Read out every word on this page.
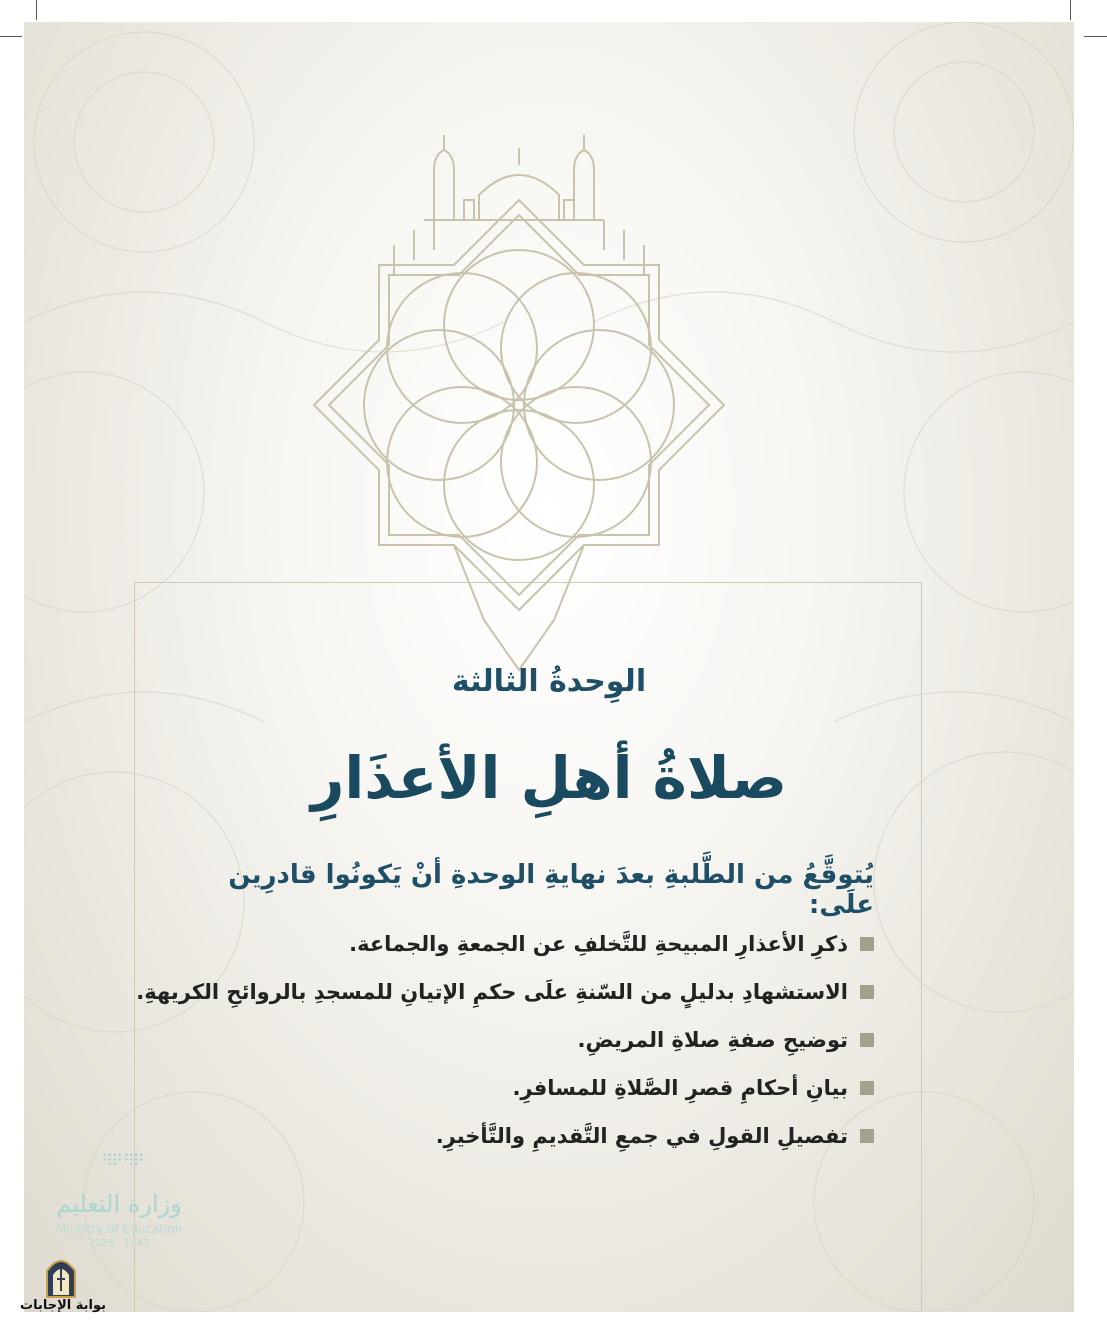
الوِحدةُ الثالثة
صلاةُ أهلِ الأعذَارِ
يُتوقَّعُ من الطَّلبةِ بعدَ نهايةِ الوحدةِ أنْ يَكونُوا قادرِين علَى:
ذكرِ الأعذارِ المبيحةِ للتَّخلفِ عن الجمعةِ والجماعة.
الاستشهادِ بدليلٍ من السّنةِ علَى حكمِ الإتيانِ للمسجدِ بالروائحِ الكريهةِ.
توضيحِ صفةِ صلاةِ المريضِ.
بيانِ أحكامِ قصرِ الصَّلاةِ للمسافرِ.
تفصيلِ القولِ في جمعِ التَّقديمِ والتَّأخيرِ.
وزارة التعليم
Ministry of Education
2025 - 1447
بوابة الإجابات
